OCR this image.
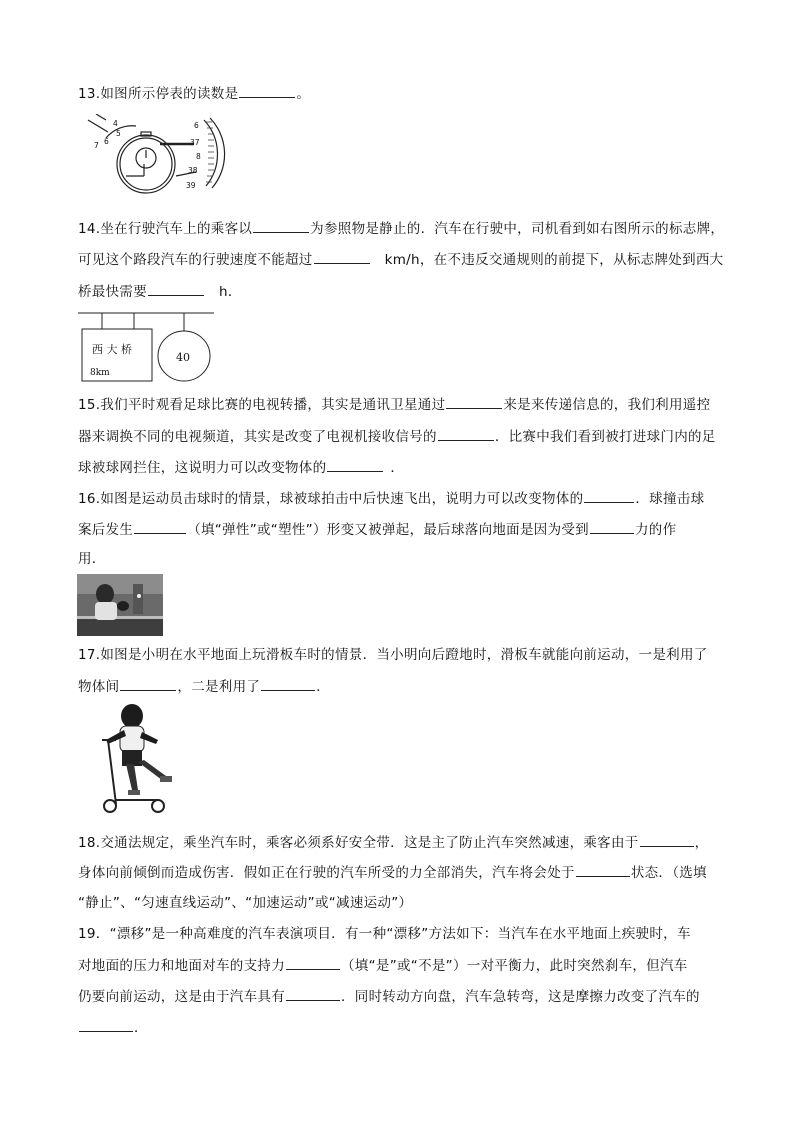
13.如图所示停表的读数是	。
4
5
6
7
6
37
8
38
39
14.坐在行驶汽车上的乘客以	为参照物是静止的．汽车在行驶中，司机看到如右图所示的标志牌，
可见这个路段汽车的行驶速度不能超过	km/h，在不违反交通规则的前提下，从标志牌处到西大
桥最快需要	h．
西 大 桥
8km
40
15.我们平时观看足球比赛的电视转播，其实是通讯卫星通过	来是来传递信息的，我们利用遥控
器来调换不同的电视频道，其实是改变了电视机接收信号的	．比赛中我们看到被打进球门内的足
球被球网拦住，这说明力可以改变物体的	．
16.如图是运动员击球时的情景，球被球拍击中后快速飞出，说明力可以改变物体的	．球撞击球
案后发生	（填“弹性”或“塑性”）形变又被弹起，最后球落向地面是因为受到	力的作
用．
17.如图是小明在水平地面上玩滑板车时的情景．当小明向后蹬地时，滑板车就能向前运动，一是利用了
物体间	，二是利用了	．
18.交通法规定，乘坐汽车时，乘客必须系好安全带．这是主了防止汽车突然减速，乘客由于	，
身体向前倾倒而造成伤害．假如正在行驶的汽车所受的力全部消失，汽车将会处于	状态．（选填
“静止”、“匀速直线运动”、“加速运动”或“减速运动”）
19．“漂移”是一种高难度的汽车表演项目．有一种“漂移”方法如下：当汽车在水平地面上疾驶时，车
对地面的压力和地面对车的支持力	（填“是”或“不是”）一对平衡力，此时突然刹车，但汽车
仍要向前运动，这是由于汽车具有	．同时转动方向盘，汽车急转弯，这是摩擦力改变了汽车的
．
